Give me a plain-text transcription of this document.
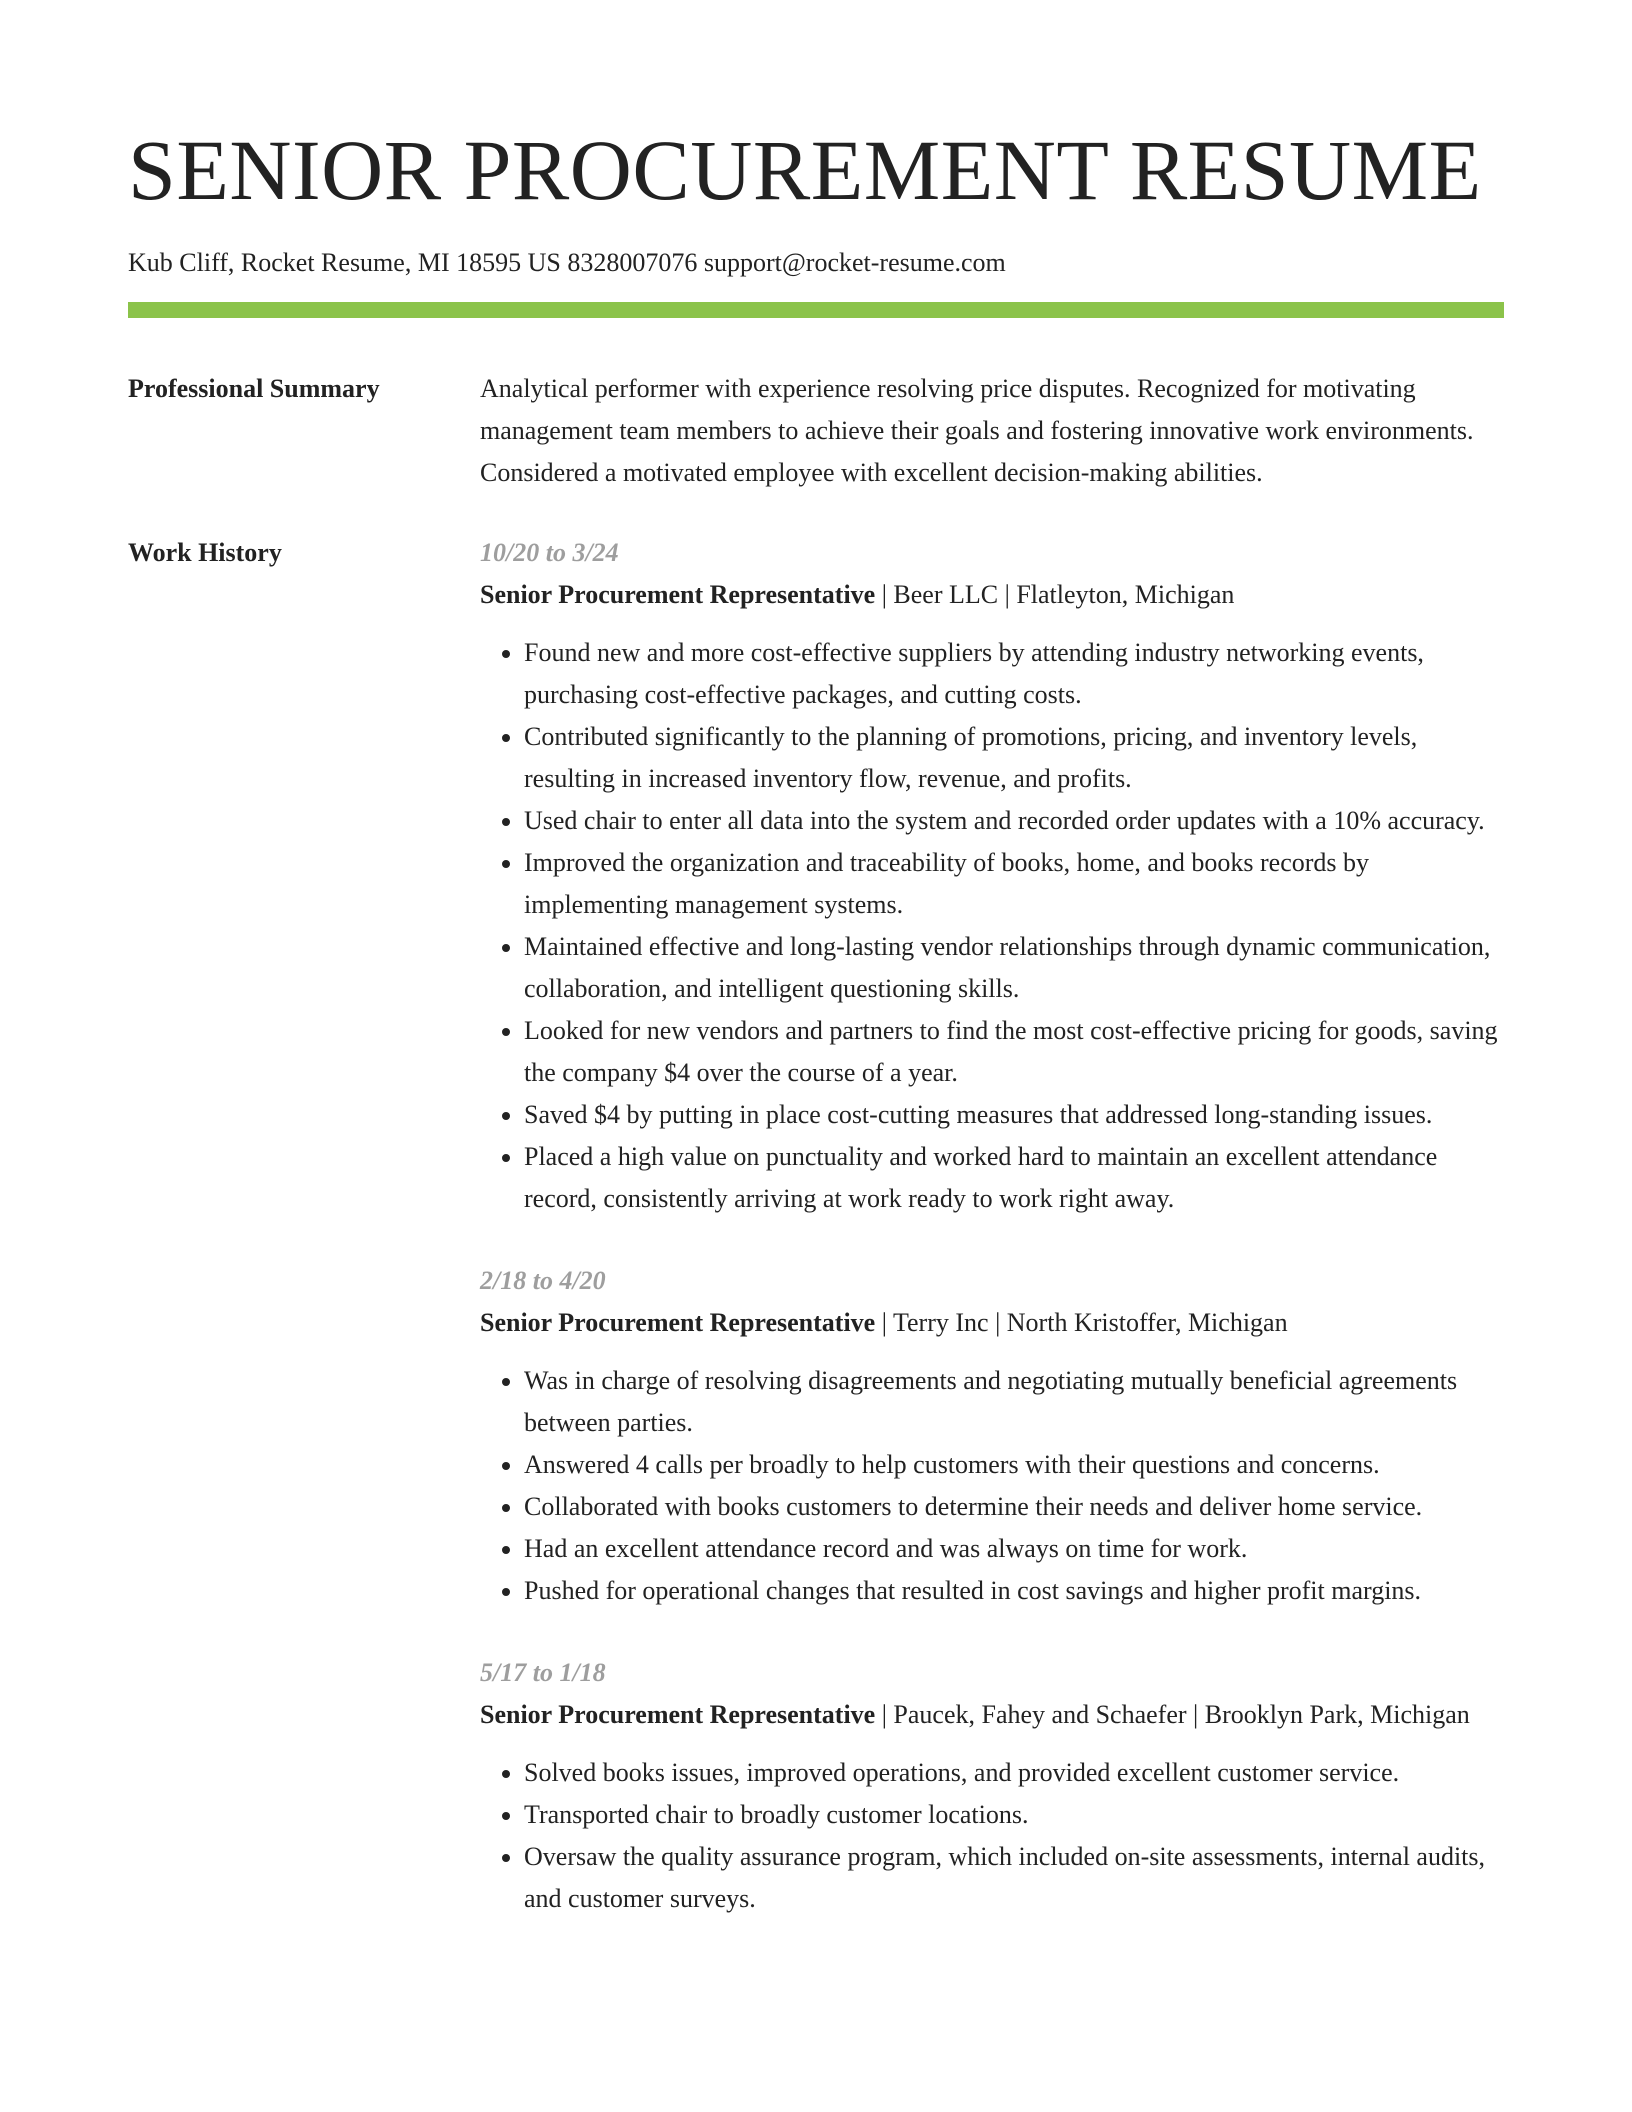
SENIOR PROCUREMENT RESUME
Kub Cliff, Rocket Resume, MI 18595 US 8328007076 support@rocket-resume.com
Professional Summary	Analytical performer with experience resolving price disputes. Recognized for motivating management team members to achieve their goals and fostering innovative work environments. Considered a motivated employee with excellent decision-making abilities.

Work History	10/20 to 3/24
Senior Procurement Representative | Beer LLC | Flatleyton, Michigan
• Found new and more cost-effective suppliers by attending industry networking events, purchasing cost-effective packages, and cutting costs.
• Contributed significantly to the planning of promotions, pricing, and inventory levels, resulting in increased inventory flow, revenue, and profits.
• Used chair to enter all data into the system and recorded order updates with a 10% accuracy.
• Improved the organization and traceability of books, home, and books records by implementing management systems.
• Maintained effective and long-lasting vendor relationships through dynamic communication, collaboration, and intelligent questioning skills.
• Looked for new vendors and partners to find the most cost-effective pricing for goods, saving the company $4 over the course of a year.
• Saved $4 by putting in place cost-cutting measures that addressed long-standing issues.
• Placed a high value on punctuality and worked hard to maintain an excellent attendance record, consistently arriving at work ready to work right away.
2/18 to 4/20
Senior Procurement Representative | Terry Inc | North Kristoffer, Michigan
• Was in charge of resolving disagreements and negotiating mutually beneficial agreements between parties.
• Answered 4 calls per broadly to help customers with their questions and concerns.
• Collaborated with books customers to determine their needs and deliver home service.
• Had an excellent attendance record and was always on time for work.
• Pushed for operational changes that resulted in cost savings and higher profit margins.
5/17 to 1/18
Senior Procurement Representative | Paucek, Fahey and Schaefer | Brooklyn Park, Michigan
• Solved books issues, improved operations, and provided excellent customer service.
• Transported chair to broadly customer locations.
• Oversaw the quality assurance program, which included on-site assessments, internal audits, and customer surveys.
